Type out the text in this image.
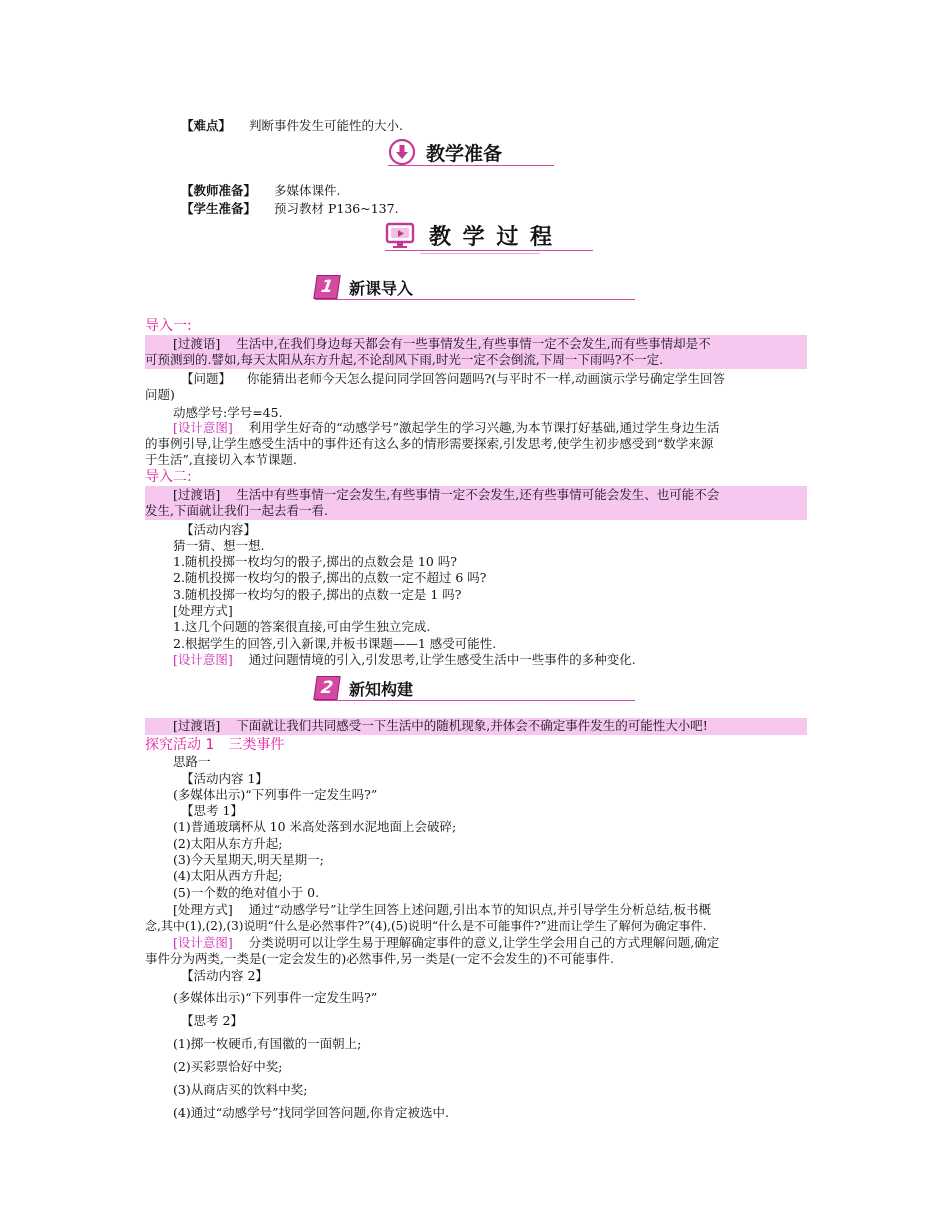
【难点】 判断事件发生可能性的大小.
教学准备
【教师准备】 多媒体课件.
【学生准备】 预习教材 P136~137.
教 学 过 程
1 新课导入
导入一:
[过渡语] 生活中,在我们身边每天都会有一些事情发生,有些事情一定不会发生,而有些事情却是不
可预测到的.譬如,每天太阳从东方升起,不论刮风下雨,时光一定不会倒流,下周一下雨吗?不一定.
【问题】 你能猜出老师今天怎么提问同学回答问题吗?(与平时不一样,动画演示学号确定学生回答
问题)
动感学号:学号=45.
[设计意图] 利用学生好奇的“动感学号”激起学生的学习兴趣,为本节课打好基础,通过学生身边生活
的事例引导,让学生感受生活中的事件还有这么多的情形需要探索,引发思考,使学生初步感受到“数学来源
于生活”,直接切入本节课题.
导入二:
[过渡语] 生活中有些事情一定会发生,有些事情一定不会发生,还有些事情可能会发生、也可能不会
发生,下面就让我们一起去看一看.
【活动内容】
猜一猜、想一想.
1.随机投掷一枚均匀的骰子,掷出的点数会是 10 吗?
2.随机投掷一枚均匀的骰子,掷出的点数一定不超过 6 吗?
3.随机投掷一枚均匀的骰子,掷出的点数一定是 1 吗?
[处理方式]
1.这几个问题的答案很直接,可由学生独立完成.
2.根据学生的回答,引入新课,并板书课题——1 感受可能性.
[设计意图] 通过问题情境的引入,引发思考,让学生感受生活中一些事件的多种变化.
2 新知构建
[过渡语] 下面就让我们共同感受一下生活中的随机现象,并体会不确定事件发生的可能性大小吧!
探究活动 1　三类事件
思路一
【活动内容 1】
(多媒体出示)“下列事件一定发生吗?”
【思考 1】
(1)普通玻璃杯从 10 米高处落到水泥地面上会破碎;
(2)太阳从东方升起;
(3)今天星期天,明天星期一;
(4)太阳从西方升起;
(5)一个数的绝对值小于 0.
[处理方式] 通过“动感学号”让学生回答上述问题,引出本节的知识点,并引导学生分析总结,板书概
念,其中(1),(2),(3)说明“什么是必然事件?”(4),(5)说明“什么是不可能事件?”进而让学生了解何为确定事件.
[设计意图] 分类说明可以让学生易于理解确定事件的意义,让学生学会用自己的方式理解问题,确定
事件分为两类,一类是(一定会发生的)必然事件,另一类是(一定不会发生的)不可能事件.
【活动内容 2】
(多媒体出示)“下列事件一定发生吗?”
【思考 2】
(1)掷一枚硬币,有国徽的一面朝上;
(2)买彩票恰好中奖;
(3)从商店买的饮料中奖;
(4)通过“动感学号”找同学回答问题,你肯定被选中.
